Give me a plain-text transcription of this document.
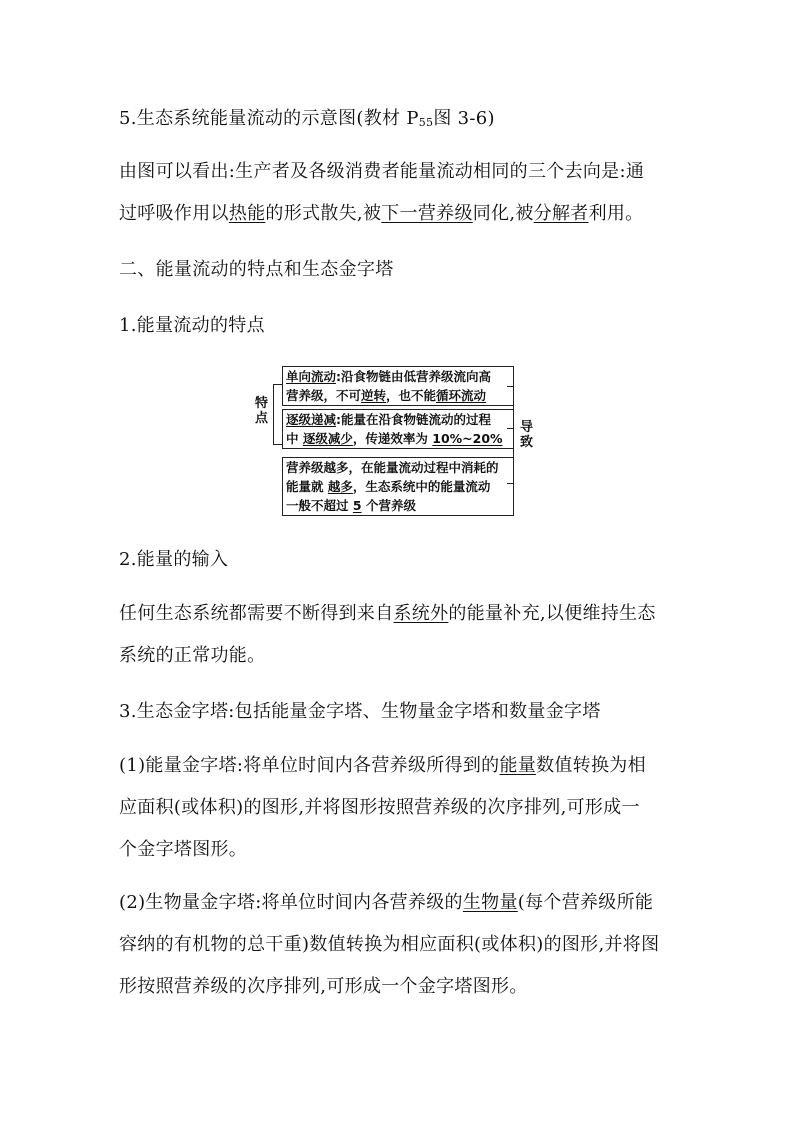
5.生态系统能量流动的示意图(教材 $P_{55}$图 3-6)
由图可以看出:生产者及各级消费者能量流动相同的三个去向是:通
过呼吸作用以热能的形式散失,被下一营养级同化,被分解者利用。
二、能量流动的特点和生态金字塔
1.能量流动的特点
特点
单向流动:沿食物链由低营养级流向高
营养级，不可逆转，也不能循环流动
逐级递减:能量在沿食物链流动的过程
中 逐级减少，传递效率为 10%~20%
导致
营养级越多，在能量流动过程中消耗的
能量就 越多，生态系统中的能量流动
一般不超过 5 个营养级
2.能量的输入
任何生态系统都需要不断得到来自系统外的能量补充,以便维持生态
系统的正常功能。
3.生态金字塔:包括能量金字塔、生物量金字塔和数量金字塔
(1)能量金字塔:将单位时间内各营养级所得到的能量数值转换为相
应面积(或体积)的图形,并将图形按照营养级的次序排列,可形成一
个金字塔图形。
(2)生物量金字塔:将单位时间内各营养级的生物量(每个营养级所能
容纳的有机物的总干重)数值转换为相应面积(或体积)的图形,并将图
形按照营养级的次序排列,可形成一个金字塔图形。
